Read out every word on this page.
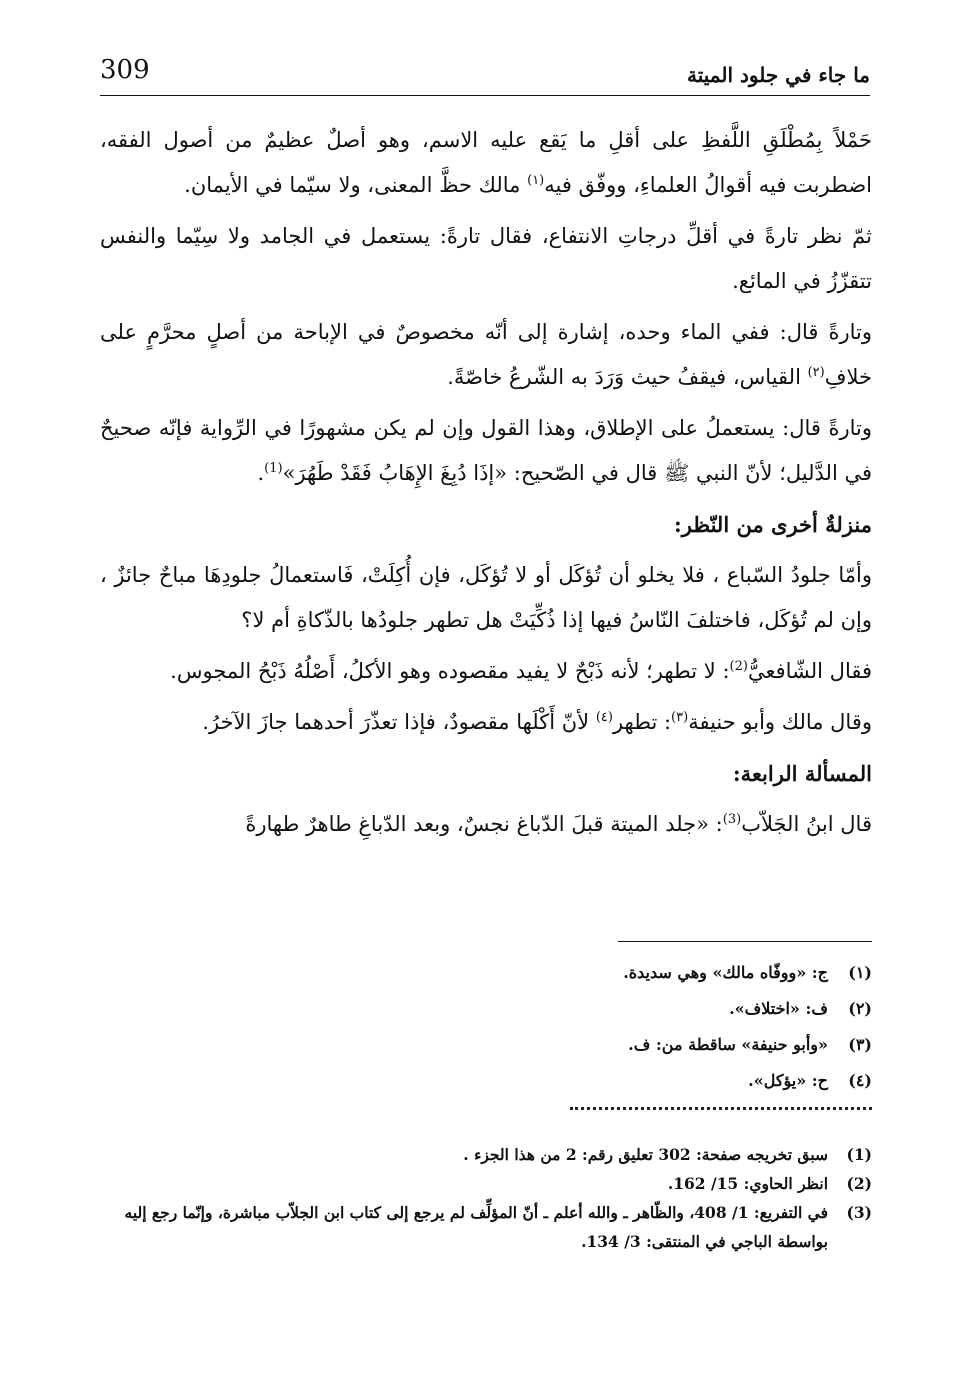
309	ما جاء في جلود الميتة

حَمْلاً بِمُطْلَقِ اللَّفظِ على أقلِ ما يَقع عليه الاسم، وهو أصلٌ عظيمٌ من أصول الفقه، اضطربت فيه أقوالُ العلماءِ، ووفّق فيه$^{(١)}$ مالك حظَّ المعنى، ولا سيّما في الأيمان.

ثمّ نظر تارةً في أقلِّ درجاتِ الانتفاع، فقال تارةً: يستعمل في الجامد ولا سِيّما والنفس تتقزّزُ في المائع.

وتارةً قال: ففي الماء وحده، إشارة إلى أنّه مخصوصٌ في الإباحة من أصلٍ محرَّمٍ على خلافِ$^{(٢)}$ القياس، فيقفُ حيث وَرَدَ به الشّرعُ خاصّةً.

وتارةً قال: يستعملُ على الإطلاق، وهذا القول وإن لم يكن مشهورًا في الرِّواية فإنّه صحيحٌ في الدَّليل؛ لأنّ النبي ﷺ قال في الصّحيح: «إذَا دُبِغَ الإِهَابُ فَقَدْ طَهُرَ»$^{(1)}$.

منزلةٌ أخرى من النّظر:

وأمّا جلودُ السّباع ، فلا يخلو أن تُؤكَل أو لا تُؤكَل، فإن أُكِلَتْ، فَاستعمالُ جلودِهَا مباحٌ جائزٌ ، وإن لم تُؤكَل، فاختلفَ النّاسُ فيها إذا ذُكِّيَتْ هل تطهر جلودُها بالذّكاةِ أم لا؟

فقال الشّافعيُّ$^{(2)}$: لا تطهر؛ لأنه ذَبْحٌ لا يفيد مقصوده وهو الأكلُ، أَصْلُهُ ذَبْحُ المجوس.

وقال مالك وأبو حنيفة$^{(٣)}$: تطهر$^{(٤)}$ لأنّ أَكْلَها مقصودٌ، فإذا تعذّرَ أحدهما جازَ الآخرُ.

المسألة الرابعة:

قال ابنُ الجَلاّب$^{(3)}$: «جلد الميتة قبلَ الدّباغ نجسٌ، وبعد الدّباغِ طاهرٌ طهارةً

(١)
ج: «ووفّاه مالك» وهي سديدة.
(٢)
ف: «اختلاف».
(٣)
«وأبو حنيفة» ساقطة من: ف.
(٤)
ح: «يؤكل».
(1)
سبق تخريجه صفحة: 302 تعليق رقم: 2 من هذا الجزء .
(2)
انظر الحاوي: 15/ 162.
(3)
في التفريع: 1/ 408، والظّاهر ـ والله أعلم ـ أنّ المؤلِّف لم يرجع إلى كتاب ابن الجلاّب مباشرة، وإنّما رجع إليه بواسطة الباجي في المنتقى: 3/ 134.
